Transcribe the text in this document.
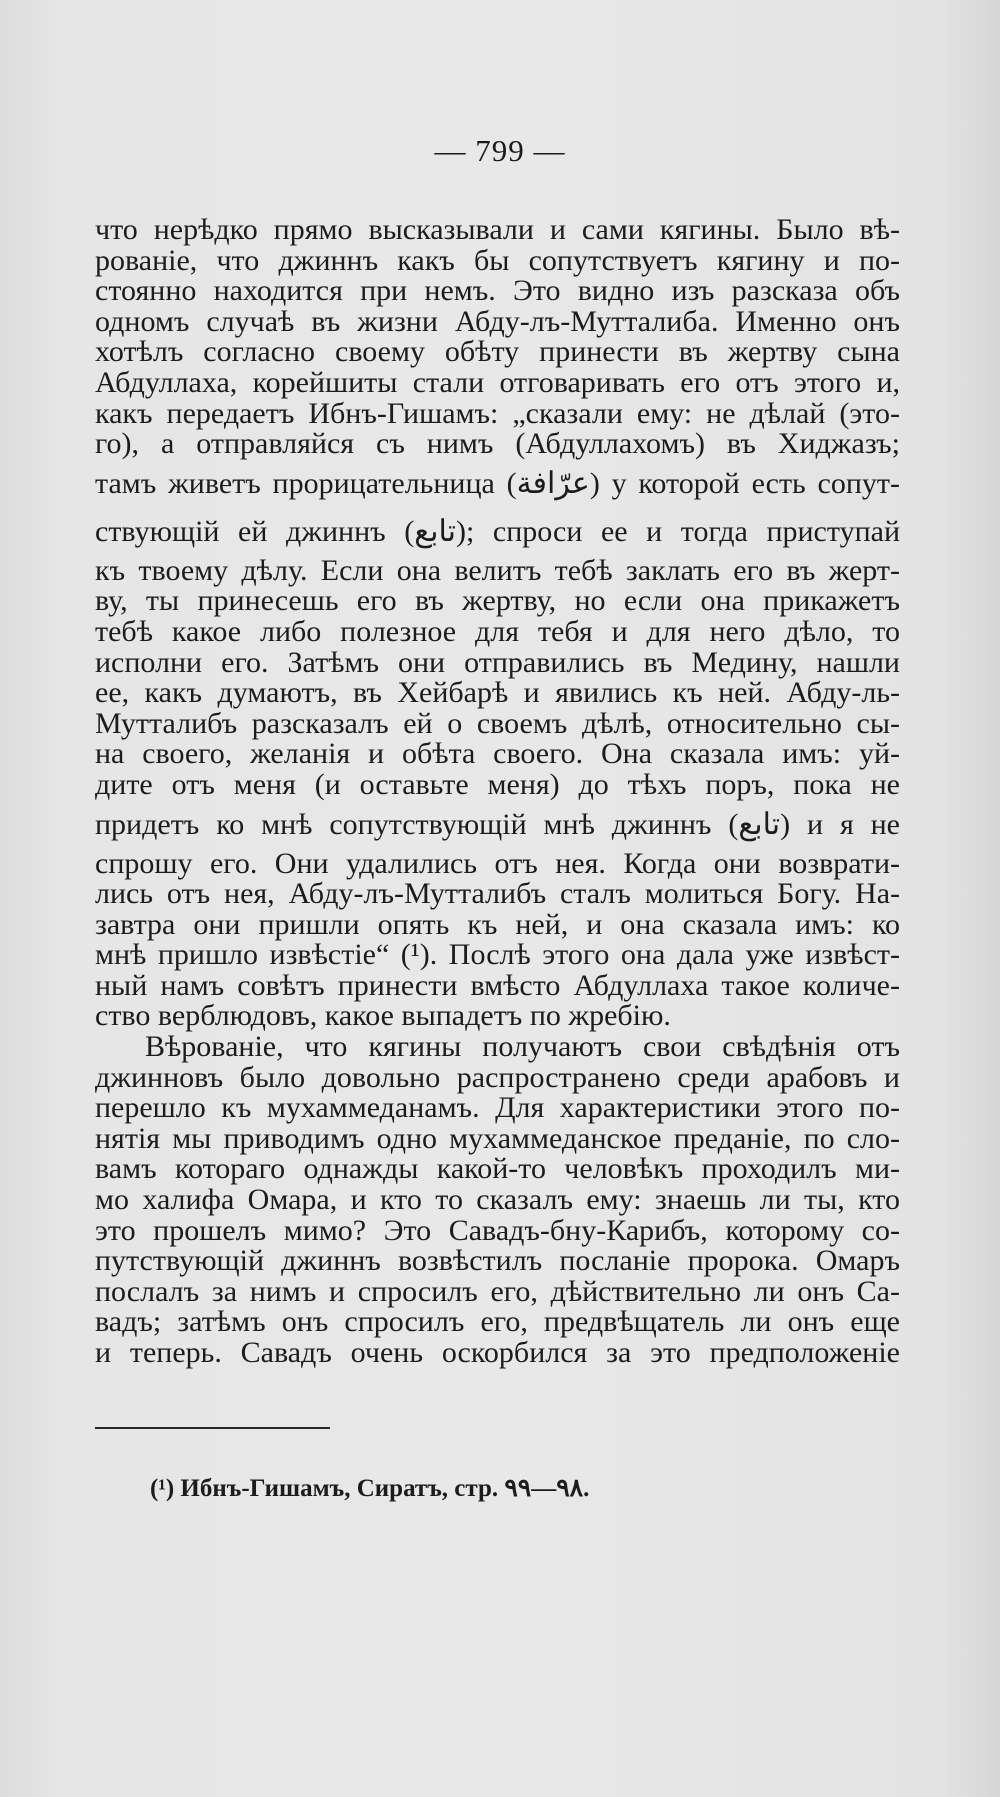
— 799 —
что нерѣдко прямо высказывали и сами кягины. Было вѣ-
рованіе, что джиннъ какъ бы сопутствуетъ кягину и по-
стоянно находится при немъ. Это видно изъ разсказа объ
одномъ случаѣ въ жизни Абду-лъ-Мутталиба. Именно онъ
хотѣлъ согласно своему обѣту принести въ жертву сына
Абдуллаха, корейшиты стали отговаривать его отъ этого и,
какъ передаетъ Ибнъ-Гишамъ: „сказали ему: не дѣлай (это-
го), а отправляйся съ нимъ (Абдуллахомъ) въ Хиджазъ;
тамъ живетъ прорицательница (عرّافة) у которой есть сопут-
ствующій ей джиннъ (تابع); спроси ее и тогда приступай
къ твоему дѣлу. Если она велитъ тебѣ заклать его въ жерт-
ву, ты принесешь его въ жертву, но если она прикажетъ
тебѣ какое либо полезное для тебя и для него дѣло, то
исполни его. Затѣмъ они отправились въ Медину, нашли
ее, какъ думаютъ, въ Хейбарѣ и явились къ ней. Абду-ль-
Мутталибъ разсказалъ ей о своемъ дѣлѣ, относительно сы-
на своего, желанія и обѣта своего. Она сказала имъ: уй-
дите отъ меня (и оставьте меня) до тѣхъ поръ, пока не
придетъ ко мнѣ сопутствующій мнѣ джиннъ (تابع) и я не
спрошу его. Они удалились отъ нея. Когда они возврати-
лись отъ нея, Абду-лъ-Мутталибъ сталъ молиться Богу. На-
завтра они пришли опять къ ней, и она сказала имъ: ко
мнѣ пришло извѣстіе“ (¹). Послѣ этого она дала уже извѣст-
ный намъ совѣтъ принести вмѣсто Абдуллаха такое количе-
ство верблюдовъ, какое выпадетъ по жребію.
Вѣрованіе, что кягины получаютъ свои свѣдѣнія отъ
джинновъ было довольно распространено среди арабовъ и
перешло къ мухаммеданамъ. Для характеристики этого по-
нятія мы приводимъ одно мухаммеданское преданіе, по сло-
вамъ котораго однажды какой-то человѣкъ проходилъ ми-
мо халифа Омара, и кто то сказалъ ему: знаешь ли ты, кто
это прошелъ мимо? Это Савадъ-бну-Карибъ, которому со-
путствующій джиннъ возвѣстилъ посланіе пророка. Омаръ
послалъ за нимъ и спросилъ его, дѣйствительно ли онъ Са-
вадъ; затѣмъ онъ спросилъ его, предвѣщатель ли онъ еще
и теперь. Савадъ очень оскорбился за это предположеніе
(¹) Ибнъ-Гишамъ, Сиратъ, стр. ٩٨—٩٩.
